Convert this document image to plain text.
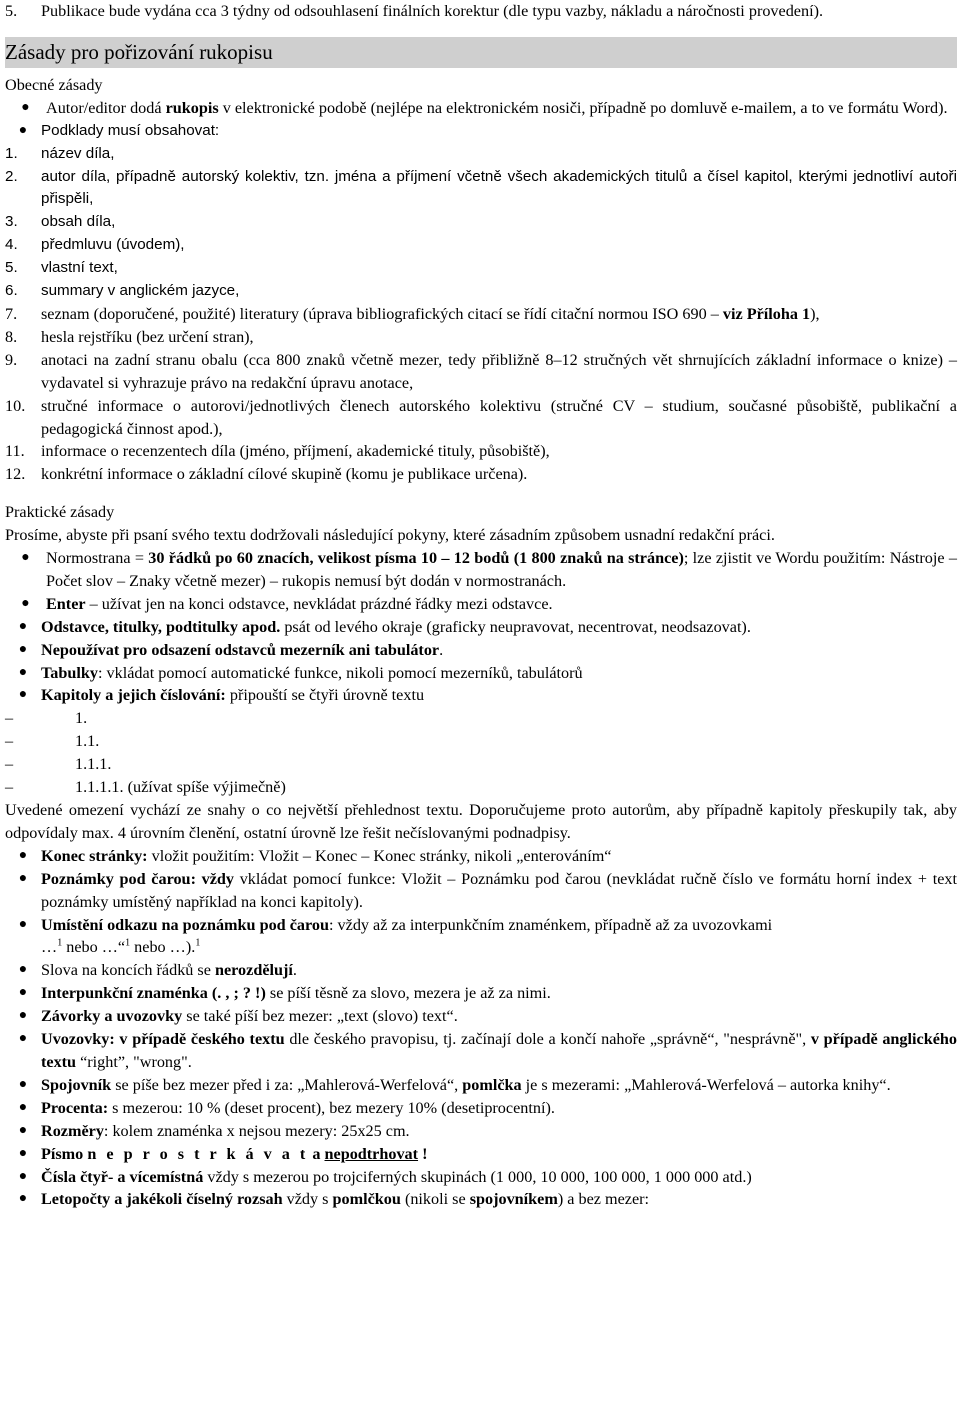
5.	Publikace bude vydána cca 3 týdny od odsouhlasení finálních korektur (dle typu vazby, nákladu a náročnosti provedení).
Zásady pro pořizování rukopisu

Obecné zásady

●
Autor/editor dodá rukopis v elektronické podobě (nejlépe na elektronickém nosiči, případně po domluvě e-mailem, a to ve formátu Word).
●
Podklady musí obsahovat:
1.	název díla,
2.	autor díla, případně autorský kolektiv, tzn. jména a příjmení včetně všech akademických titulů a čísel kapitol, kterými jednotliví autoři přispěli,
3.	obsah díla,
4.	předmluvu (úvodem),
5.	vlastní text,
6.	summary v anglickém jazyce,
7.	seznam (doporučené, použité) literatury (úprava bibliografických citací se řídí citační normou ISO 690 – viz Příloha 1),
8.	hesla rejstříku (bez určení stran),
9.	anotaci na zadní stranu obalu (cca 800 znaků včetně mezer, tedy přibližně 8–12 stručných vět shrnujících základní informace o knize) – vydavatel si vyhrazuje právo na redakční úpravu anotace,
10. stručné informace o autorovi/jednotlivých členech autorského kolektivu (stručné CV – studium, současné působiště, publikační a pedagogická činnost apod.),
11.	informace o recenzentech díla (jméno, příjmení, akademické tituly, působiště),
12. konkrétní informace o základní cílové skupině (komu je publikace určena).

Praktické zásady

Prosíme, abyste při psaní svého textu dodržovali následující pokyny, které zásadním způsobem usnadní redakční práci.

●
Normostrana = 30 řádků po 60 znacích, velikost písma 10 – 12 bodů (1 800 znaků na stránce); lze zjistit ve Wordu použitím: Nástroje – Počet slov – Znaky včetně mezer) – rukopis nemusí být dodán v normostranách.
●
Enter – užívat jen na konci odstavce, nevkládat prázdné řádky mezi odstavce.
●
Odstavce, titulky, podtitulky apod. psát od levého okraje (graficky neupravovat, necentrovat, neodsazovat).
●
Nepoužívat pro odsazení odstavců mezerník ani tabulátor.
●
Tabulky: vkládat pomocí automatické funkce, nikoli pomocí mezerníků, tabulátorů
●
Kapitoly a jejich číslování: připouští se čtyři úrovně textu
–
1.
–
1.1.
–
1.1.1.
–
1.1.1.1. (užívat spíše výjimečně)

Uvedené omezení vychází ze snahy o co největší přehlednost textu. Doporučujeme proto autorům, aby případně kapitoly přeskupily tak, aby odpovídaly max. 4 úrovním členění, ostatní úrovně lze řešit nečíslovanými podnadpisy.

●
Konec stránky: vložit použitím: Vložit – Konec – Konec stránky, nikoli „enterováním“
●
Poznámky pod čarou: vždy vkládat pomocí funkce: Vložit – Poznámku pod čarou (nevkládat ručně číslo ve formátu horní index + text poznámky umístěný například na konci kapitoly).
●
Umístění odkazu na poznámku pod čarou: vždy až za interpunkčním znaménkem, případně až za uvozovkami
…$^1$ nebo …“$^1$ nebo …).$^1$
●
Slova na koncích řádků se nerozdělují.
●
Interpunkční znaménka (. , ; ? !) se píší těsně za slovo, mezera je až za nimi.
●
Závorky a uvozovky se také píší bez mezer: „text (slovo) text“.
●
Uvozovky: v případě českého textu dle českého pravopisu, tj. začínají dole a končí nahoře „správně“, "nesprávně", v případě anglického textu “right”, "wrong".
●
Spojovník se píše bez mezer před i za: „Mahlerová-Werfelová“, pomlčka je s mezerami: „Mahlerová-Werfelová – autorka knihy“.
●
Procenta: s mezerou: 10 % (deset procent), bez mezery 10% (desetiprocentní).
●
Rozměry: kolem znaménka x nejsou mezery: 25x25 cm.
●
Písmo n e p r o s t r k á v a t a nepodtrhovat !
●
Čísla čtyř- a vícemístná vždy s mezerou po trojciferných skupinách (1 000, 10 000, 100 000, 1 000 000 atd.)
●
Letopočty a jakékoli číselný rozsah vždy s pomlčkou (nikoli se spojovníkem) a bez mezer:
